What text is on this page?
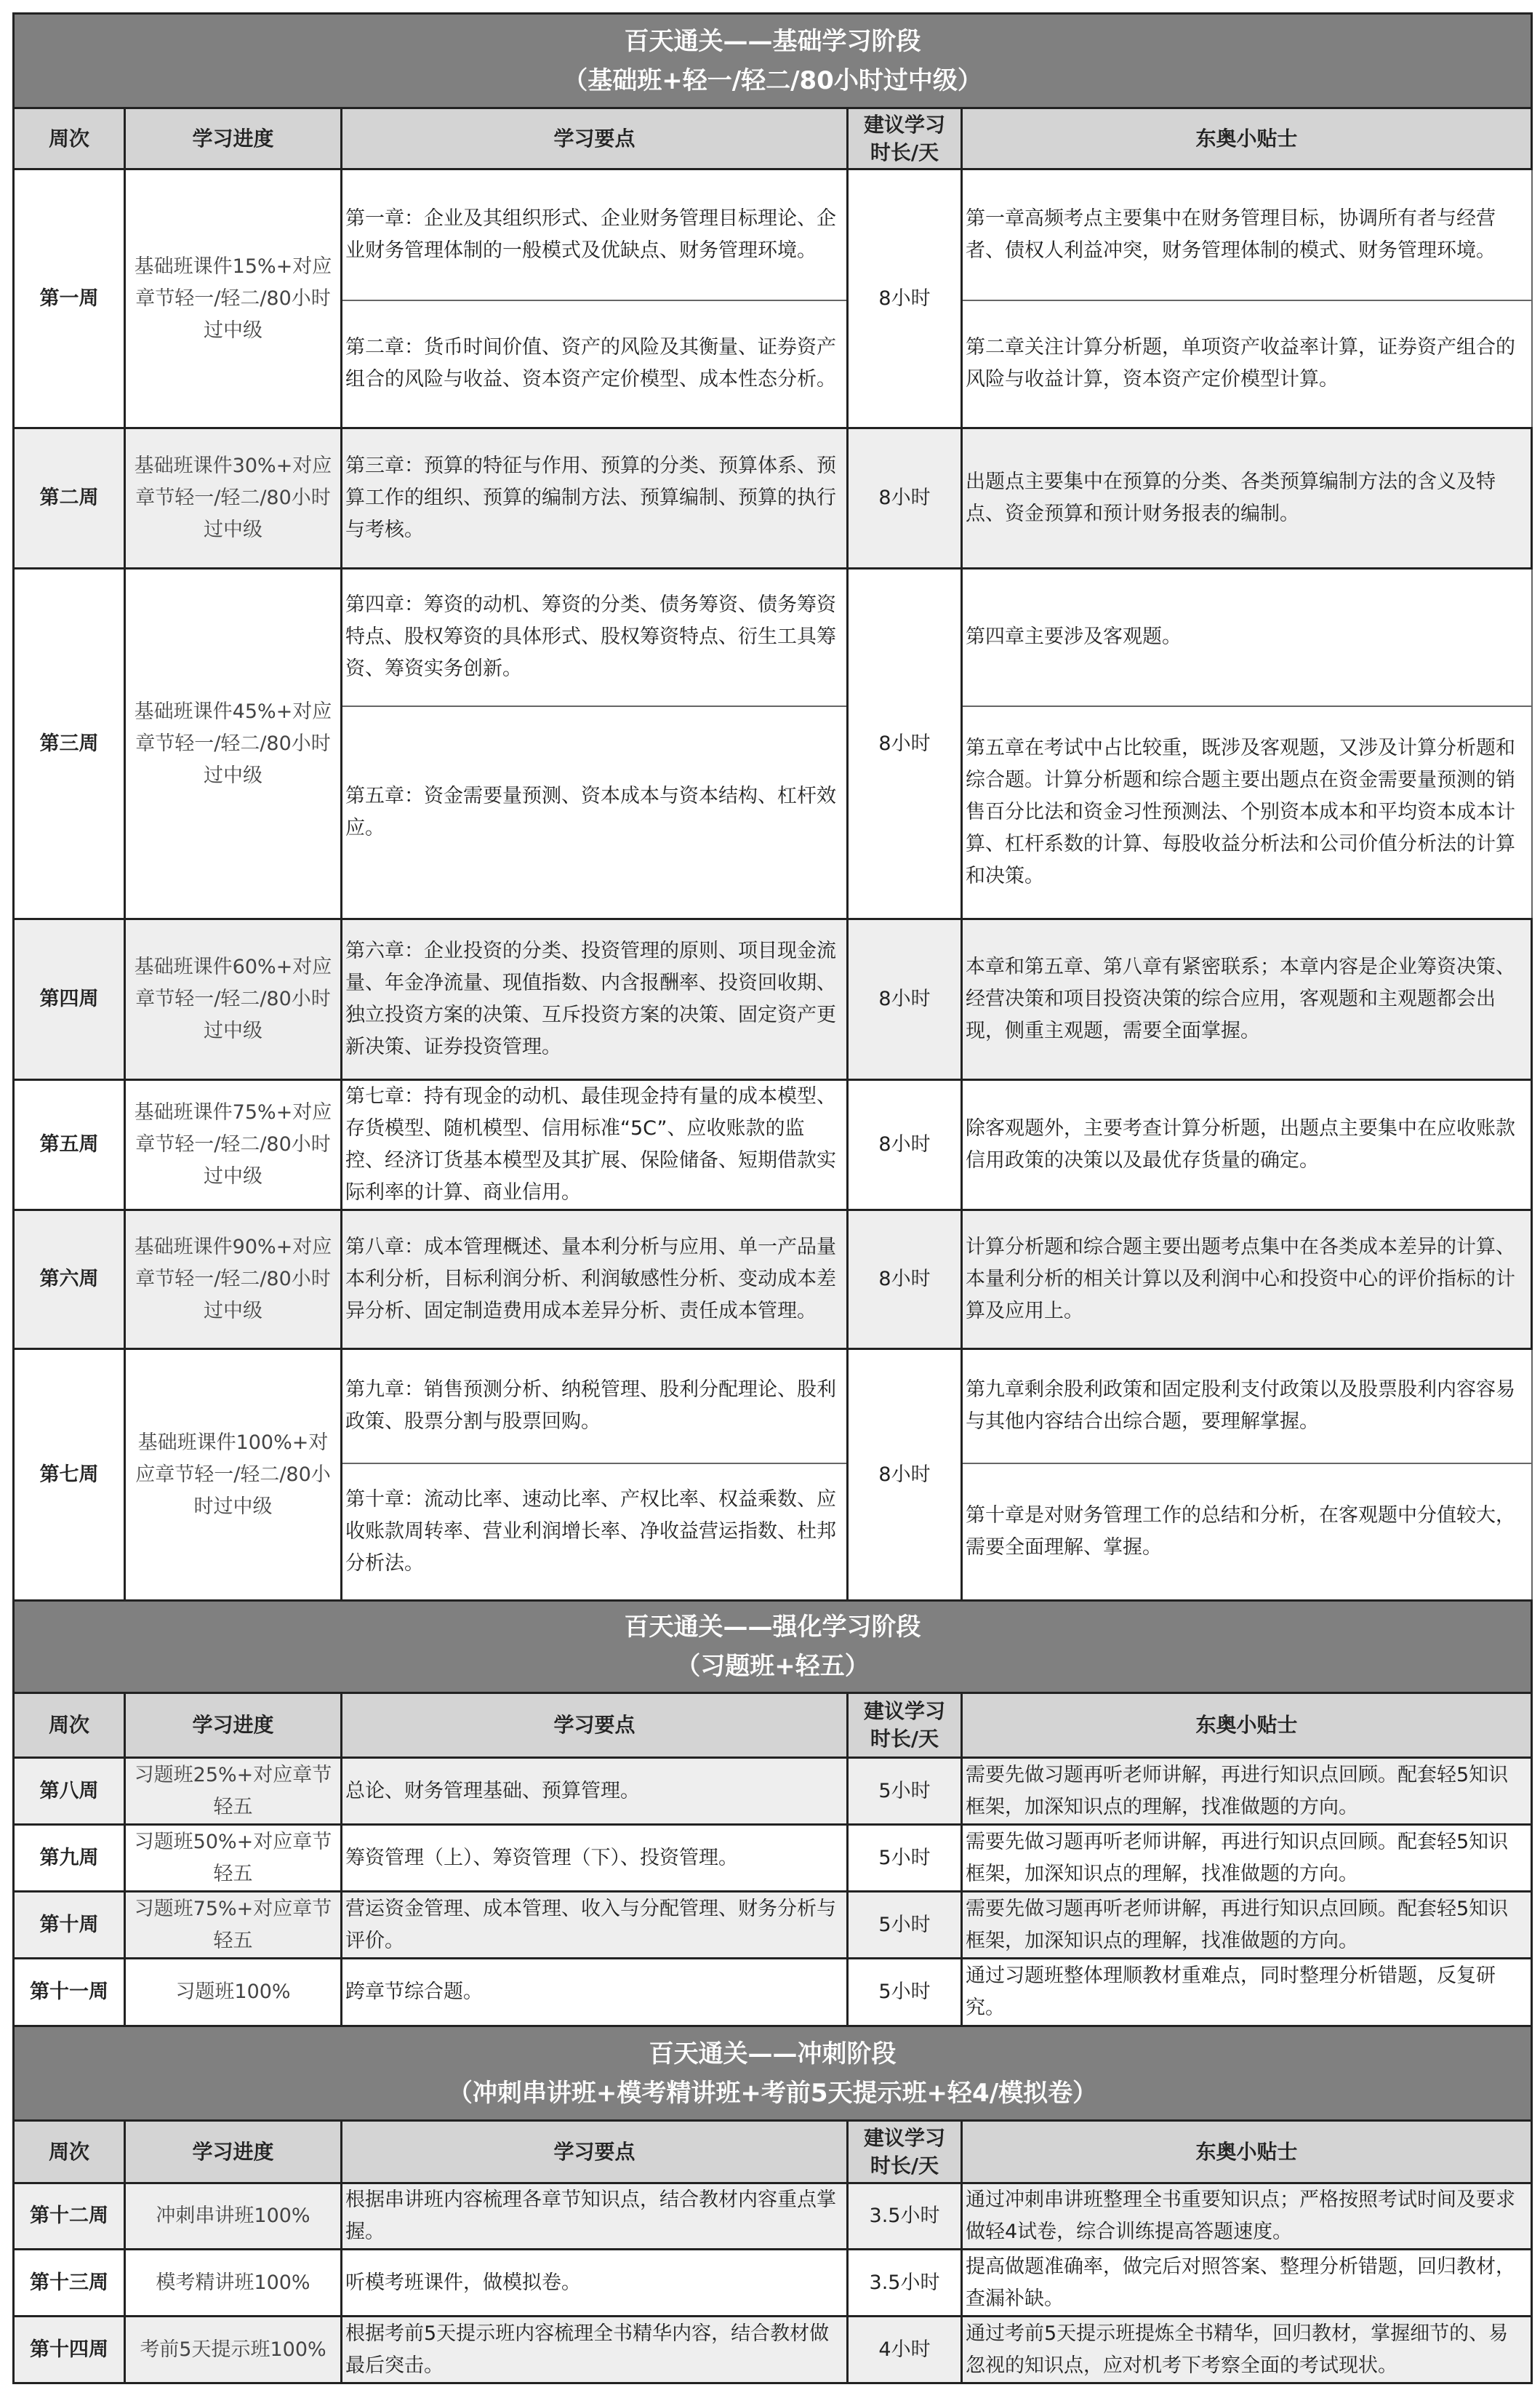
百天通关——基础学习阶段
（基础班+轻一/轻二/80小时过中级）				

周次	学习进度	学习要点	建议学习时长/天	东奥小贴士
第一周	基础班课件15%+对应章节轻一/轻二/80小时过中级	第一章：企业及其组织形式、企业财务管理目标理论、企业财务管理体制的一般模式及优缺点、财务管理环境。	8小时	第一章高频考点主要集中在财务管理目标，协调所有者与经营者、债权人利益冲突，财务管理体制的模式、财务管理环境。
		第二章：货币时间价值、资产的风险及其衡量、证券资产组合的风险与收益、资本资产定价模型、成本性态分析。		第二章关注计算分析题，单项资产收益率计算，证券资产组合的风险与收益计算，资本资产定价模型计算。
第二周	基础班课件30%+对应章节轻一/轻二/80小时过中级	第三章：预算的特征与作用、预算的分类、预算体系、预算工作的组织、预算的编制方法、预算编制、预算的执行与考核。	8小时	出题点主要集中在预算的分类、各类预算编制方法的含义及特点、资金预算和预计财务报表的编制。
第三周	基础班课件45%+对应章节轻一/轻二/80小时过中级	第四章：筹资的动机、筹资的分类、债务筹资、债务筹资特点、股权筹资的具体形式、股权筹资特点、衍生工具筹资、筹资实务创新。	8小时	第四章主要涉及客观题。
		第五章：资金需要量预测、资本成本与资本结构、杠杆效应。		第五章在考试中占比较重，既涉及客观题，又涉及计算分析题和综合题。计算分析题和综合题主要出题点在资金需要量预测的销售百分比法和资金习性预测法、个别资本成本和平均资本成本计算、杠杆系数的计算、每股收益分析法和公司价值分析法的计算和决策。
第四周	基础班课件60%+对应章节轻一/轻二/80小时过中级	第六章：企业投资的分类、投资管理的原则、项目现金流量、年金净流量、现值指数、内含报酬率、投资回收期、独立投资方案的决策、互斥投资方案的决策、固定资产更新决策、证券投资管理。	8小时	本章和第五章、第八章有紧密联系；本章内容是企业筹资决策、经营决策和项目投资决策的综合应用，客观题和主观题都会出现，侧重主观题，需要全面掌握。
第五周	基础班课件75%+对应章节轻一/轻二/80小时过中级	第七章：持有现金的动机、最佳现金持有量的成本模型、存货模型、随机模型、信用标准“5C”、应收账款的监控、经济订货基本模型及其扩展、保险储备、短期借款实际利率的计算、商业信用。	8小时	除客观题外，主要考查计算分析题，出题点主要集中在应收账款信用政策的决策以及最优存货量的确定。
第六周	基础班课件90%+对应章节轻一/轻二/80小时过中级	第八章：成本管理概述、量本利分析与应用、单一产品量本利分析，目标利润分析、利润敏感性分析、变动成本差异分析、固定制造费用成本差异分析、责任成本管理。	8小时	计算分析题和综合题主要出题考点集中在各类成本差异的计算、本量利分析的相关计算以及利润中心和投资中心的评价指标的计算及应用上。
第七周	基础班课件100%+对应章节轻一/轻二/80小时过中级	第九章：销售预测分析、纳税管理、股利分配理论、股利政策、股票分割与股票回购。	8小时	第九章剩余股利政策和固定股利支付政策以及股票股利内容容易与其他内容结合出综合题，要理解掌握。
		第十章：流动比率、速动比率、产权比率、权益乘数、应收账款周转率、营业利润增长率、净收益营运指数、杜邦分析法。		第十章是对财务管理工作的总结和分析，在客观题中分值较大，需要全面理解、掌握。

百天通关——强化学习阶段
（习题班+轻五）				

周次	学习进度	学习要点	建议学习时长/天	东奥小贴士
第八周	习题班25%+对应章节轻五	总论、财务管理基础、预算管理。	5小时	需要先做习题再听老师讲解，再进行知识点回顾。配套轻5知识框架，加深知识点的理解，找准做题的方向。
第九周	习题班50%+对应章节轻五	筹资管理（上）、筹资管理（下）、投资管理。	5小时	需要先做习题再听老师讲解，再进行知识点回顾。配套轻5知识框架，加深知识点的理解，找准做题的方向。
第十周	习题班75%+对应章节轻五	营运资金管理、成本管理、收入与分配管理、财务分析与评价。	5小时	需要先做习题再听老师讲解，再进行知识点回顾。配套轻5知识框架，加深知识点的理解，找准做题的方向。
第十一周	习题班100%	跨章节综合题。	5小时	通过习题班整体理顺教材重难点，同时整理分析错题，反复研究。

百天通关——冲刺阶段
（冲刺串讲班+模考精讲班+考前5天提示班+轻4/模拟卷）				

周次	学习进度	学习要点	建议学习时长/天	东奥小贴士
第十二周	冲刺串讲班100%	根据串讲班内容梳理各章节知识点，结合教材内容重点掌握。	3.5小时	通过冲刺串讲班整理全书重要知识点；严格按照考试时间及要求做轻4试卷，综合训练提高答题速度。
第十三周	模考精讲班100%	听模考班课件，做模拟卷。	3.5小时	提高做题准确率，做完后对照答案、整理分析错题，回归教材，查漏补缺。
第十四周	考前5天提示班100%	根据考前5天提示班内容梳理全书精华内容，结合教材做最后突击。	4小时	通过考前5天提示班提炼全书精华，回归教材，掌握细节的、易忽视的知识点，应对机考下考察全面的考试现状。
